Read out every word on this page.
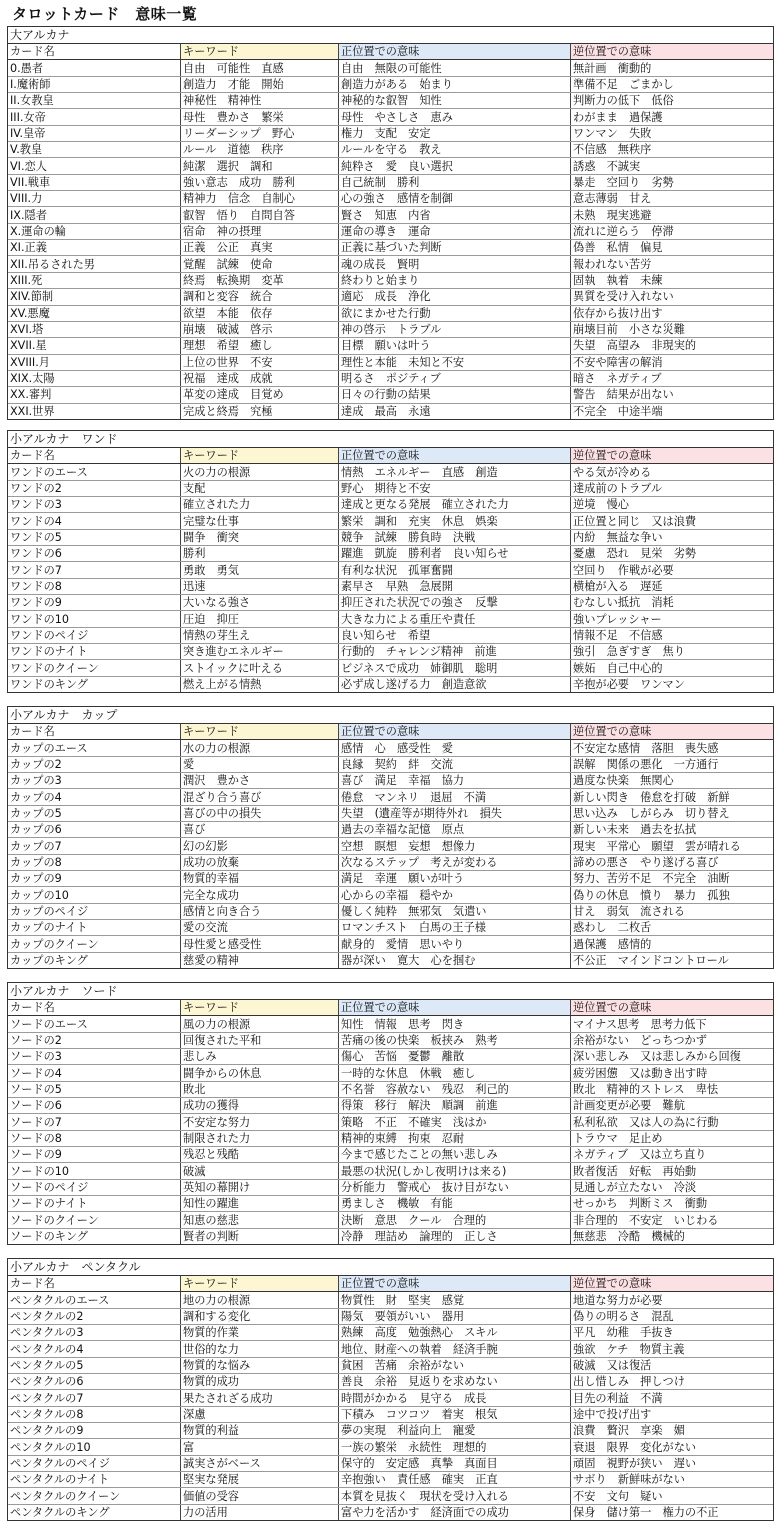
タロットカード　意味一覧
大アルカナ
カード名	キーワード	正位置での意味	逆位置での意味
0.愚者	自由　可能性　直感	自由　無限の可能性	無計画　衝動的
I.魔術師	創造力　才能　開始	創造力がある　始まり	準備不足　ごまかし
II.女教皇	神秘性　精神性	神秘的な叡智　知性	判断力の低下　低俗
III.女帝	母性　豊かさ　繁栄	母性　やさしさ　恵み	わがまま　過保護
IV.皇帝	リーダーシップ　野心	権力　支配　安定	ワンマン　失敗
V.教皇	ルール　道徳　秩序	ルールを守る　教え	不信感　無秩序
VI.恋人	純潔　選択　調和	純粋さ　愛　良い選択	誘惑　不誠実
VII.戦車	強い意志　成功　勝利	自己統制　勝利	暴走　空回り　劣勢
VIII.力	精神力　信念　自制心	心の強さ　感情を制御	意志薄弱　甘え
IX.隠者	叡智　悟り　自問自答	賢さ　知恵　内省	未熟　現実逃避
X.運命の輪	宿命　神の摂理	運命の導き　運命	流れに逆らう　停滞
XI.正義	正義　公正　真実	正義に基づいた判断	偽善　私情　偏見
XII.吊るされた男	覚醒　試練　使命	魂の成長　賢明	報われない苦労
XIII.死	終焉　転換期　変革	終わりと始まり	固執　執着　未練
XIV.節制	調和と変容　統合	適応　成長　浄化	異質を受け入れない
XV.悪魔	欲望　本能　依存	欲にまかせた行動	依存から抜け出す
XVI.塔	崩壊　破滅　啓示	神の啓示　トラブル	崩壊目前　小さな災難
XVII.星	理想　希望　癒し	目標　願いは叶う	失望　高望み　非現実的
XVIII.月	上位の世界　不安	理性と本能　未知と不安	不安や障害の解消
XIX.太陽	祝福　達成　成就	明るさ　ポジティブ	暗さ　ネガティブ
XX.審判	革変の達成　目覚め	日々の行動の結果	警告　結果が出ない
XXI.世界	完成と終焉　究極	達成　最高　永遠	不完全　中途半端
小アルカナ　ワンド
カード名	キーワード	正位置での意味	逆位置での意味
ワンドのエース	火の力の根源	情熱　エネルギー　直感　創造	やる気が冷める
ワンドの2	支配	野心　期待と不安	達成前のトラブル
ワンドの3	確立された力	達成と更なる発展　確立された力	逆境　慢心
ワンドの4	完璧な仕事	繁栄　調和　充実　休息　娯楽	正位置と同じ　又は浪費
ワンドの5	闘争　衝突	競争　試練　勝負時　決戦	内紛　無益な争い
ワンドの6	勝利	躍進　凱旋　勝利者　良い知らせ	憂慮　恐れ　見栄　劣勢
ワンドの7	勇敢　勇気	有利な状況　孤軍奮闘	空回り　作戦が必要
ワンドの8	迅速	素早さ　早熟　急展開	横槍が入る　遅延
ワンドの9	大いなる強さ	抑圧された状況での強さ　反撃	むなしい抵抗　消耗
ワンドの10	圧迫　抑圧	大きな力による重圧や責任	強いプレッシャー
ワンドのペイジ	情熱の芽生え	良い知らせ　希望	情報不足　不信感
ワンドのナイト	突き進むエネルギー	行動的　チャレンジ精神　前進	強引　急ぎすぎ　焦り
ワンドのクイーン	ストイックに叶える	ビジネスで成功　姉御肌　聡明	嫉妬　自己中心的
ワンドのキング	燃え上がる情熱	必ず成し遂げる力　創造意欲	辛抱が必要　ワンマン
小アルカナ　カップ
カード名	キーワード	正位置での意味	逆位置での意味
カップのエース	水の力の根源	感情　心　感受性　愛	不安定な感情　落胆　喪失感
カップの2	愛	良縁　契約　絆　交流	誤解　関係の悪化　一方通行
カップの3	潤沢　豊かさ	喜び　満足　幸福　協力	過度な快楽　無関心
カップの4	混ざり合う喜び	倦怠　マンネリ　退屈　不満	新しい閃き　倦怠を打破　新鮮
カップの5	喜びの中の損失	失望　(遺産等が期待外れ　損失	思い込み　しがらみ　切り替え
カップの6	喜び	過去の幸福な記憶　原点	新しい未来　過去を払拭
カップの7	幻の幻影	空想　瞑想　妄想　想像力	現実　平常心　願望　雲が晴れる
カップの8	成功の放棄	次なるステップ　考えが変わる	諦めの悪さ　やり遂げる喜び
カップの9	物質的幸福	満足　幸運　願いが叶う	努力、苦労不足　不完全　油断
カップの10	完全な成功	心からの幸福　穏やか	偽りの休息　憤り　暴力　孤独
カップのペイジ	感情と向き合う	優しく純粋　無邪気　気遣い	甘え　弱気　流される
カップのナイト	愛の交流	ロマンチスト　白馬の王子様	惑わし　二枚舌
カップのクイーン	母性愛と感受性	献身的　愛情　思いやり	過保護　感情的
カップのキング	慈愛の精神	器が深い　寛大　心を掴む	不公正　マインドコントロール
小アルカナ　ソード
カード名	キーワード	正位置での意味	逆位置での意味
ソードのエース	風の力の根源	知性　情報　思考　閃き	マイナス思考　思考力低下
ソードの2	回復された平和	苦痛の後の快楽　板挟み　熟考	余裕がない　どっちつかず
ソードの3	悲しみ	傷心　苦悩　憂鬱　離散	深い悲しみ　又は悲しみから回復
ソードの4	闘争からの休息	一時的な休息　休戦　癒し	疲労困憊　又は動き出す時
ソードの5	敗北	不名誉　容赦ない　残忍　利己的	敗北　精神的ストレス　卑怯
ソードの6	成功の獲得	得策　移行　解決　順調　前進	計画変更が必要　難航
ソードの7	不安定な努力	策略　不正　不確実　浅はか	私利私欲　又は人の為に行動
ソードの8	制限された力	精神的束縛　拘束　忍耐	トラウマ　足止め
ソードの9	残忍と残酷	今まで感じたことの無い悲しみ	ネガティブ　又は立ち直り
ソードの10	破滅	最悪の状況(しかし夜明けは来る)	敗者復活　好転　再始動
ソードのペイジ	英知の幕開け	分析能力　警戒心　抜け目がない	見通しが立たない　冷淡
ソードのナイト	知性の躍進	勇ましさ　機敏　有能	せっかち　判断ミス　衝動
ソードのクイーン	知恵の慈悲	決断　意思　クール　合理的	非合理的　不安定　いじわる
ソードのキング	賢者の判断	冷静　理詰め　論理的　正しさ	無慈悲　冷酷　機械的
小アルカナ　ペンタクル
カード名	キーワード	正位置での意味	逆位置での意味
ペンタクルのエース	地の力の根源	物質性　財　堅実　感覚	地道な努力が必要
ペンタクルの2	調和する変化	陽気　要領がいい　器用	偽りの明るさ　混乱
ペンタクルの3	物質的作業	熟練　高度　勉強熱心　スキル	平凡　幼稚　手抜き
ペンタクルの4	世俗的な力	地位、財産への執着　経済手腕	強欲　ケチ　物質主義
ペンタクルの5	物質的な悩み	貧困　苦痛　余裕がない	破滅　又は復活
ペンタクルの6	物質的成功	善良　余裕　見返りを求めない	出し惜しみ　押しつけ
ペンタクルの7	果たされざる成功	時間がかかる　見守る　成長	目先の利益　不満
ペンタクルの8	深慮	下積み　コツコツ　着実　根気	途中で投げ出す
ペンタクルの9	物質的利益	夢の実現　利益向上　寵愛	浪費　贅沢　享楽　媚
ペンタクルの10	富	一族の繁栄　永続性　理想的	衰退　限界　変化がない
ペンタクルのペイジ	誠実さがベース	保守的　安定感　真摯　真面目	頑固　視野が狭い　遅い
ペンタクルのナイト	堅実な発展	辛抱強い　責任感　確実　正直	サボり　新鮮味がない
ペンタクルのクイーン	価値の受容	本質を見抜く　現状を受け入れる	不安　文句　疑い
ペンタクルのキング	力の活用	富や力を活かす　経済面での成功	保身　儲け第一　権力の不正
